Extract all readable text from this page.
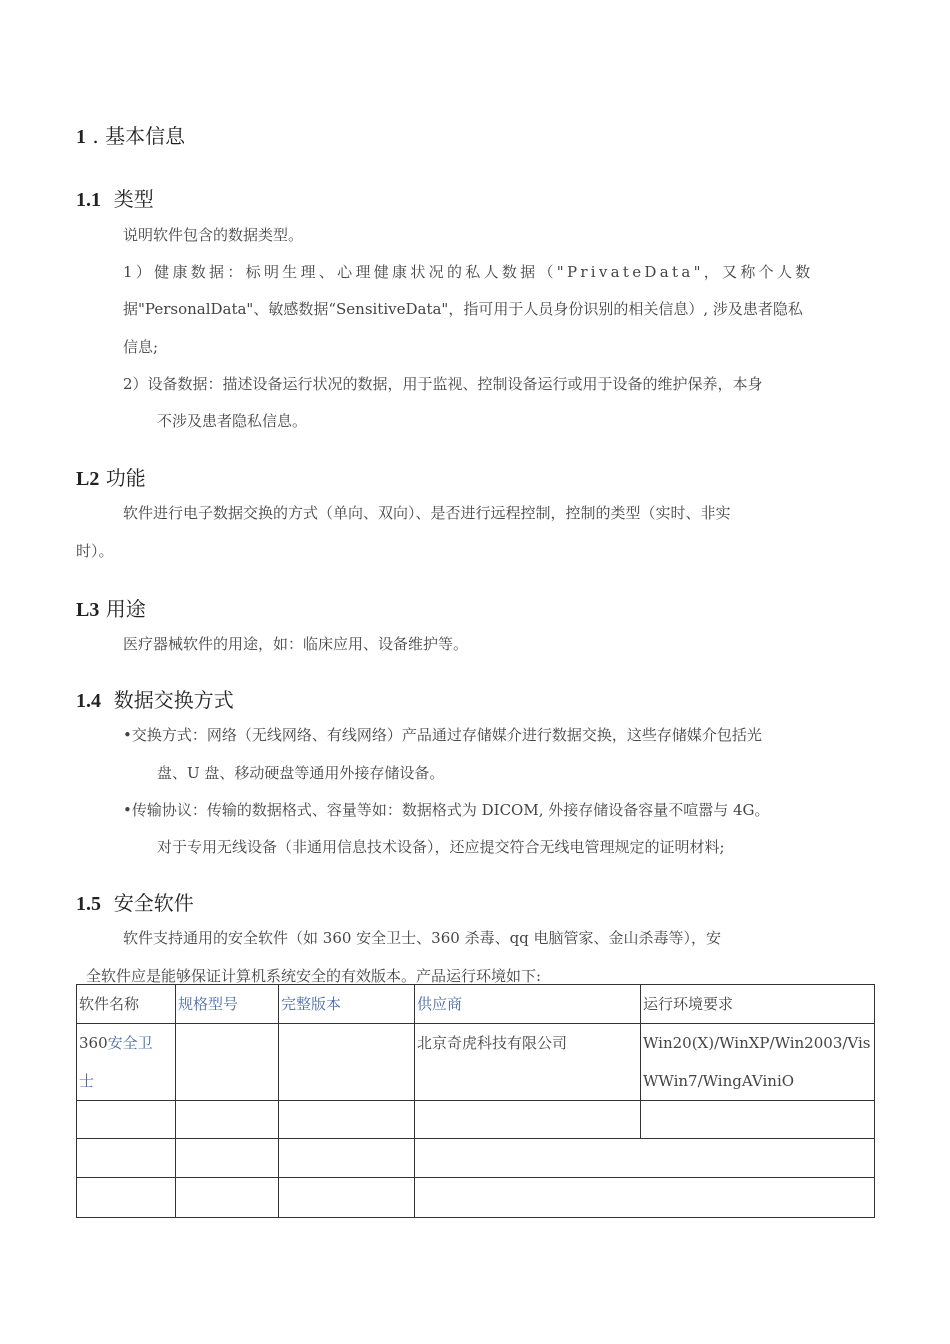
1 . 基本信息
1.1 类型
说明软件包含的数据类型。
1）健康数据：标明生理、心理健康状况的私人数据（"PrivateData"，又称个人数
据"PersonalData"、敏感数据“SensitiveData"，指可用于人员身份识别的相关信息）, 涉及患者隐私
信息;
2）设备数据：描述设备运行状况的数据，用于监视、控制设备运行或用于设备的维护保养，本身
不涉及患者隐私信息。
L2 功能
软件进行电子数据交换的方式（单向、双向）、是否进行远程控制，控制的类型（实时、非实
时）。
L3 用途
医疗器械软件的用途，如：临床应用、设备维护等。
1.4 数据交换方式
•交换方式：网络（无线网络、有线网络）产品通过存储媒介进行数据交换，这些存储媒介包括光
盘、U 盘、移动硬盘等通用外接存储设备。
•传输协议：传输的数据格式、容量等如：数据格式为 DICOM, 外接存储设备容量不喧嚣与 4G。
对于专用无线设备（非通用信息技术设备），还应提交符合无线电管理规定的证明材料;
1.5 安全软件
软件支持通用的安全软件（如 360 安全卫士、360 杀毒、qq 电脑管家、金山杀毒等），安
全软件应是能够保证计算机系统安全的有效版本。产品运行环境如下:
软件名称	规格型号	完整版本	供应商	运行环境要求

360安全卫
士			北京奇虎科技有限公司	Win20(X)/WinXP/Win2003/Vis
WWin7/WingAViniO
